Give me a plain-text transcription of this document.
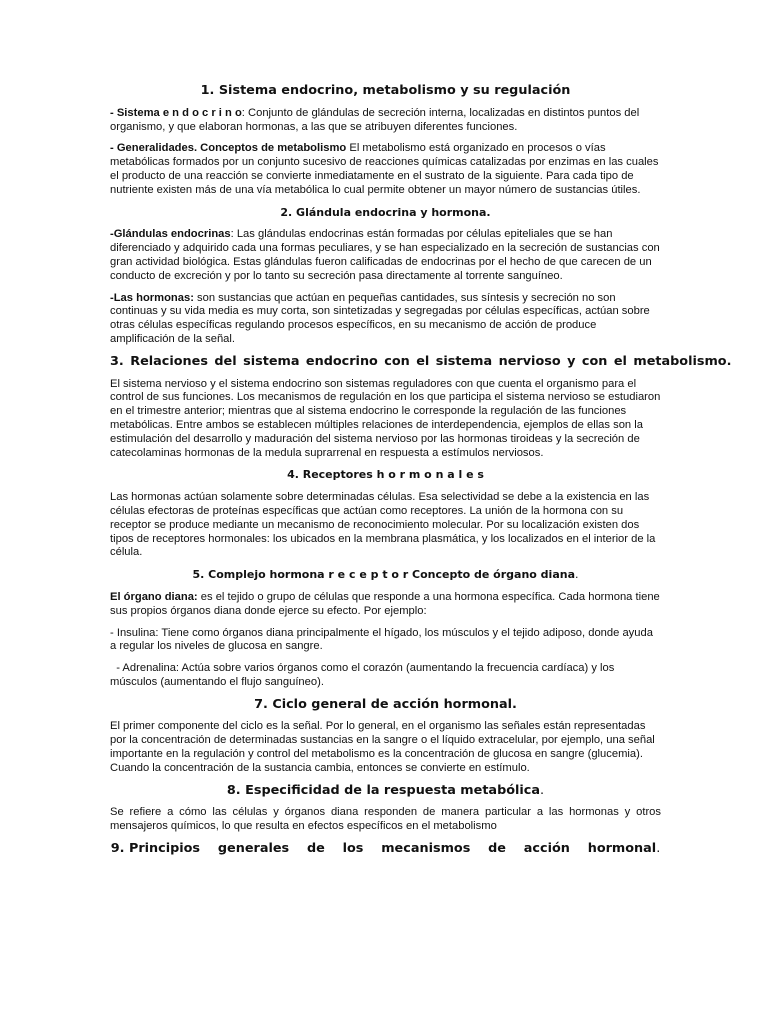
1. Sistema endocrino, metabolismo y su regulación
- Sistema e n d o c r i n o: Conjunto de glándulas de secreción interna, localizadas en distintos puntos del organismo, y que elaboran hormonas, a las que se atribuyen diferentes funciones.
- Generalidades. Conceptos de metabolismo El metabolismo está organizado en procesos o vías metabólicas formados por un conjunto sucesivo de reacciones químicas catalizadas por enzimas en las cuales el producto de una reacción se convierte inmediatamente en el sustrato de la siguiente. Para cada tipo de nutriente existen más de una vía metabólica lo cual permite obtener un mayor número de sustancias útiles.
2. Glándula endocrina y hormona.
-Glándulas endocrinas: Las glándulas endocrinas están formadas por células epiteliales que se han diferenciado y adquirido cada una formas peculiares, y se han especializado en la secreción de sustancias con gran actividad biológica. Estas glándulas fueron calificadas de endocrinas por el hecho de que carecen de un conducto de excreción y por lo tanto su secreción pasa directamente al torrente sanguíneo.
-Las hormonas: son sustancias que actúan en pequeñas cantidades, sus síntesis y secreción no son continuas y su vida media es muy corta, son sintetizadas y segregadas por células específicas, actúan sobre otras células específicas regulando procesos específicos, en su mecanismo de acción de produce amplificación de la señal.
3. Relaciones del sistema endocrino con el sistema nervioso y con el metabolismo.
El sistema nervioso y el sistema endocrino son sistemas reguladores con que cuenta el organismo para el control de sus funciones. Los mecanismos de regulación en los que participa el sistema nervioso se estudiaron en el trimestre anterior; mientras que al sistema endocrino le corresponde la regulación de las funciones metabólicas. Entre ambos se establecen múltiples relaciones de interdependencia, ejemplos de ellas son la estimulación del desarrollo y maduración del sistema nervioso por las hormonas tiroideas y la secreción de catecolaminas hormonas de la medula suprarrenal en respuesta a estímulos nerviosos.
4. Receptores h o r m o n a l e s
Las hormonas actúan solamente sobre determinadas células. Esa selectividad se debe a la existencia en las células efectoras de proteínas específicas que actúan como receptores. La unión de la hormona con su receptor se produce mediante un mecanismo de reconocimiento molecular. Por su localización existen dos tipos de receptores hormonales: los ubicados en la membrana plasmática, y los localizados en el interior de la célula.
5. Complejo hormona r e c e p t o r Concepto de órgano diana.
El órgano diana: es el tejido o grupo de células que responde a una hormona específica. Cada hormona tiene sus propios órganos diana donde ejerce su efecto. Por ejemplo:
- Insulina: Tiene como órganos diana principalmente el hígado, los músculos y el tejido adiposo, donde ayuda a regular los niveles de glucosa en sangre.
- Adrenalina: Actúa sobre varios órganos como el corazón (aumentando la frecuencia cardíaca) y los músculos (aumentando el flujo sanguíneo).
7. Ciclo general de acción hormonal.
El primer componente del ciclo es la señal. Por lo general, en el organismo las señales están representadas por la concentración de determinadas sustancias en la sangre o el líquido extracelular, por ejemplo, una señal importante en la regulación y control del metabolismo es la concentración de glucosa en sangre (glucemia). Cuando la concentración de la sustancia cambia, entonces se convierte en estímulo.
8. Especificidad de la respuesta metabólica.
Se refiere a cómo las células y órganos diana responden de manera particular a las hormonas y otros mensajeros químicos, lo que resulta en efectos específicos en el metabolismo
9. Principios    generales    de    los    mecanismos    de    acción    hormonal.
